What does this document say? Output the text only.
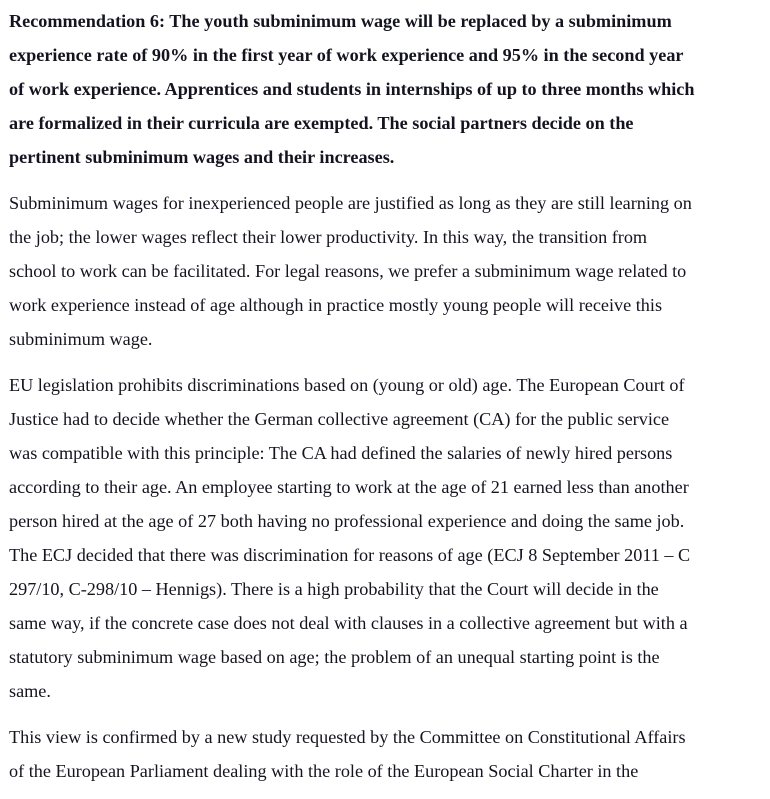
Recommendation 6: The youth subminimum wage will be replaced by a subminimum
experience rate of 90% in the first year of work experience and 95% in the second year
of work experience. Apprentices and students in internships of up to three months which
are formalized in their curricula are exempted. The social partners decide on the
pertinent subminimum wages and their increases.
Subminimum wages for inexperienced people are justified as long as they are still learning on
the job; the lower wages reflect their lower productivity. In this way, the transition from
school to work can be facilitated. For legal reasons, we prefer a subminimum wage related to
work experience instead of age although in practice mostly young people will receive this
subminimum wage.
EU legislation prohibits discriminations based on (young or old) age. The European Court of
Justice had to decide whether the German collective agreement (CA) for the public service
was compatible with this principle: The CA had defined the salaries of newly hired persons
according to their age. An employee starting to work at the age of 21 earned less than another
person hired at the age of 27 both having no professional experience and doing the same job.
The ECJ decided that there was discrimination for reasons of age (ECJ 8 September 2011 – C
297/10, C-298/10 – Hennigs). There is a high probability that the Court will decide in the
same way, if the concrete case does not deal with clauses in a collective agreement but with a
statutory subminimum wage based on age; the problem of an unequal starting point is the
same.
This view is confirmed by a new study requested by the Committee on Constitutional Affairs
of the European Parliament dealing with the role of the European Social Charter in the
